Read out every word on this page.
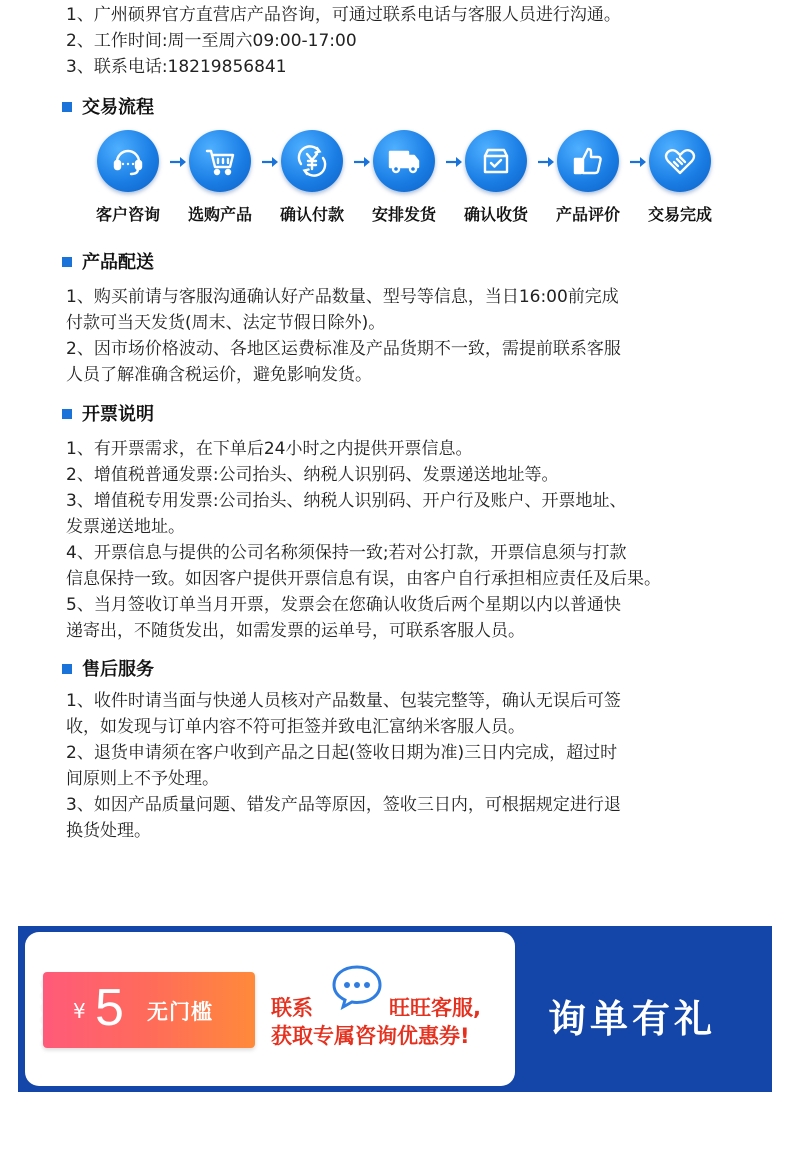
1、广州硕界官方直营店产品咨询，可通过联系电话与客服人员进行沟通。

2、工作时间:周一至周六09:00-17:00

3、联系电话:18219856841

交易流程
客户咨询	选购产品	确认付款	安排发货	确认收货	产品评价	交易完成
产品配送

1、购买前请与客服沟通确认好产品数量、型号等信息，当日16:00前完成

付款可当天发货(周末、法定节假日除外)。

2、因市场价格波动、各地区运费标准及产品货期不一致，需提前联系客服

人员了解准确含税运价，避免影响发货。

开票说明

1、有开票需求，在下单后24小时之内提供开票信息。

2、增值税普通发票:公司抬头、纳税人识别码、发票递送地址等。

3、增值税专用发票:公司抬头、纳税人识别码、开户行及账户、开票地址、

发票递送地址。

4、开票信息与提供的公司名称须保持一致;若对公打款，开票信息须与打款

信息保持一致。如因客户提供开票信息有误，由客户自行承担相应责任及后果。

5、当月签收订单当月开票，发票会在您确认收货后两个星期以内以普通快

递寄出，不随货发出，如需发票的运单号，可联系客服人员。

售后服务

1、收件时请当面与快递人员核对产品数量、包装完整等，确认无误后可签

收，如发现与订单内容不符可拒签并致电汇富纳米客服人员。

2、退货申请须在客户收到产品之日起(签收日期为准)三日内完成，超过时

间原则上不予处理。

3、如因产品质量问题、错发产品等原因，签收三日内，可根据规定进行退

换货处理。

¥ 5 无门槛	联系	旺旺客服,
获取专属咨询优惠券! 询单有礼
